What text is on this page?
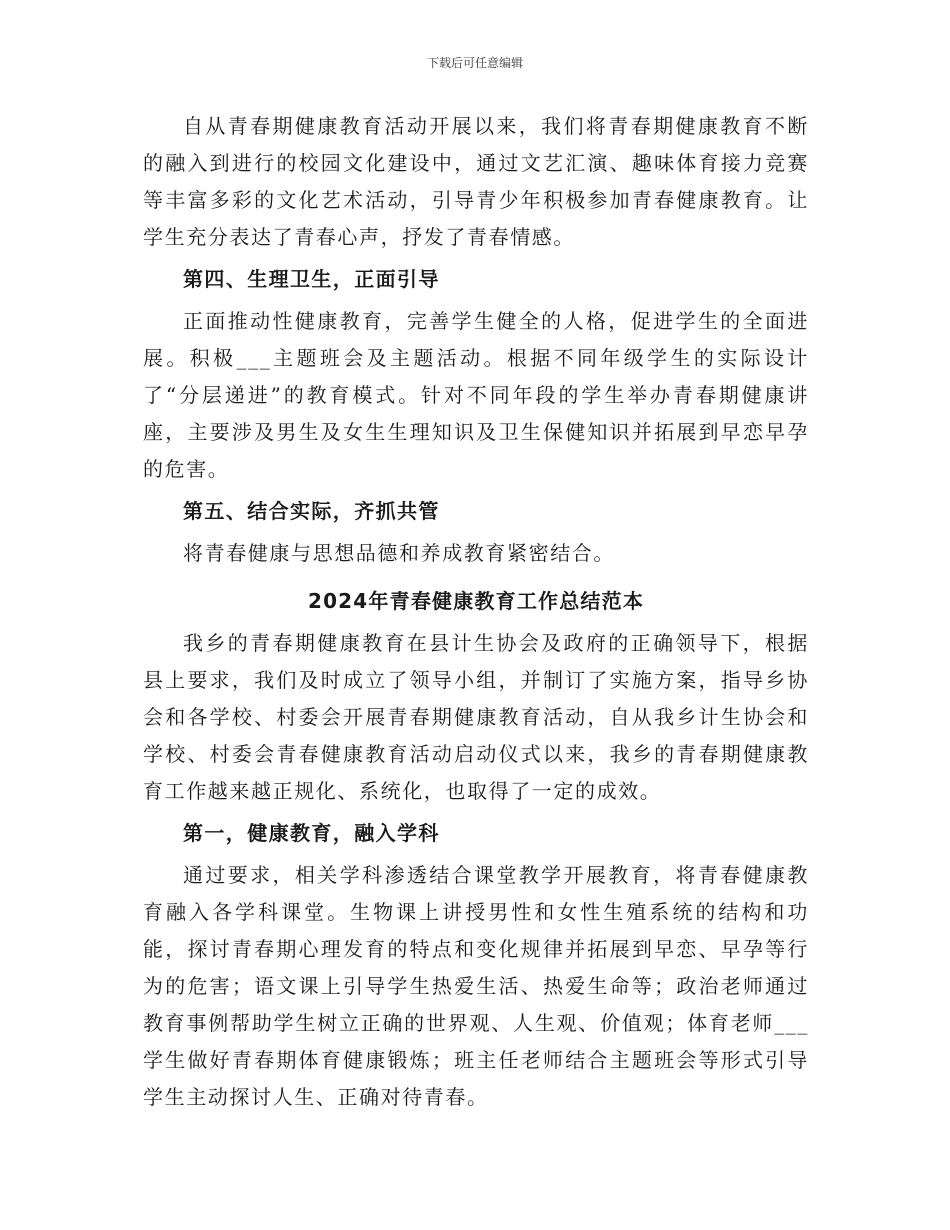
下载后可任意编辑

自从青春期健康教育活动开展以来，我们将青春期健康教育不断的融入到进行的校园文化建设中，通过文艺汇演、趣味体育接力竞赛等丰富多彩的文化艺术活动，引导青少年积极参加青春健康教育。让学生充分表达了青春心声，抒发了青春情感。

第四、生理卫生，正面引导

正面推动性健康教育，完善学生健全的人格，促进学生的全面进展。积极___主题班会及主题活动。根据不同年级学生的实际设计了“分层递进”的教育模式。针对不同年段的学生举办青春期健康讲座，主要涉及男生及女生生理知识及卫生保健知识并拓展到早恋早孕的危害。

第五、结合实际，齐抓共管

将青春健康与思想品德和养成教育紧密结合。

2024年青春健康教育工作总结范本

我乡的青春期健康教育在县计生协会及政府的正确领导下，根据县上要求，我们及时成立了领导小组，并制订了实施方案，指导乡协会和各学校、村委会开展青春期健康教育活动，自从我乡计生协会和学校、村委会青春健康教育活动启动仪式以来，我乡的青春期健康教育工作越来越正规化、系统化，也取得了一定的成效。

第一，健康教育，融入学科

通过要求，相关学科渗透结合课堂教学开展教育，将青春健康教育融入各学科课堂。生物课上讲授男性和女性生殖系统的结构和功能，探讨青春期心理发育的特点和变化规律并拓展到早恋、早孕等行为的危害；语文课上引导学生热爱生活、热爱生命等；政治老师通过教育事例帮助学生树立正确的世界观、人生观、价值观；体育老师___学生做好青春期体育健康锻炼；班主任老师结合主题班会等形式引导学生主动探讨人生、正确对待青春。
